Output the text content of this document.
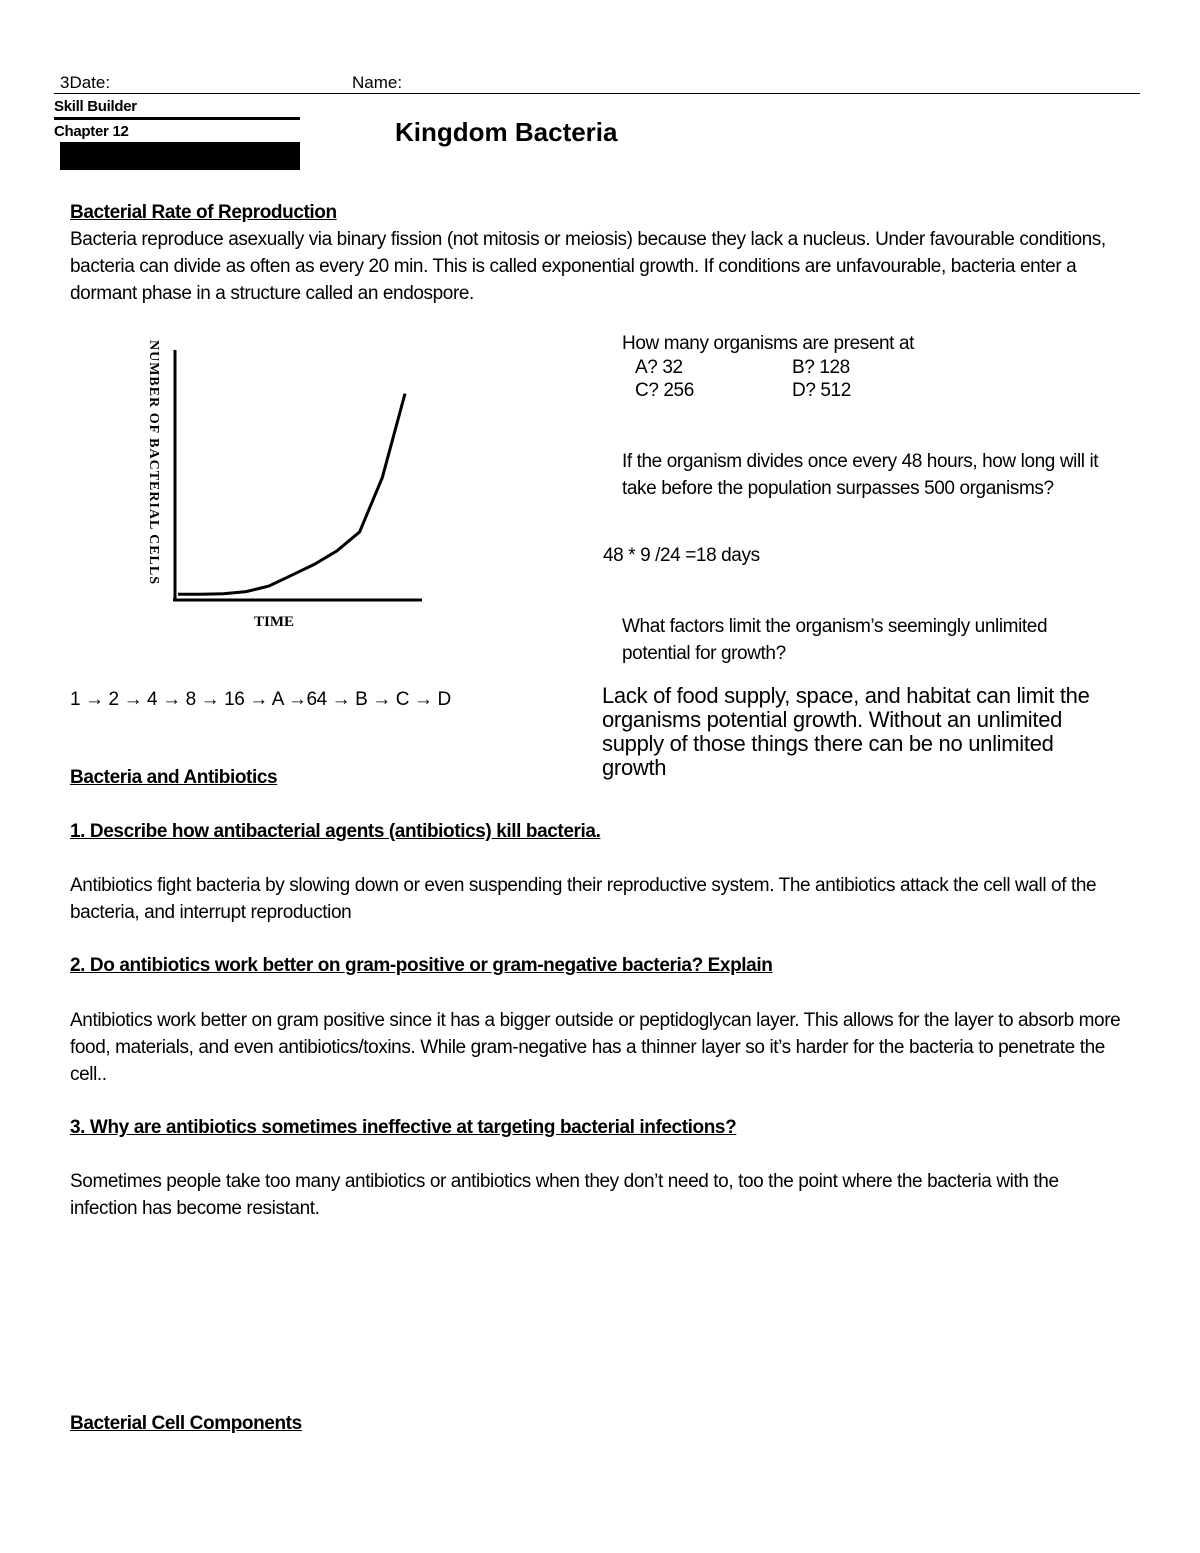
3Date:	Name:
Skill Builder
Chapter 12	Kingdom Bacteria
Bacterial Rate of Reproduction
Bacteria reproduce asexually via binary fission (not mitosis or meiosis) because they lack a nucleus. Under favourable conditions, bacteria can divide as often as every 20 min. This is called exponential growth. If conditions are unfavourable, bacteria enter a dormant phase in a structure called an endospore.
NUMBER OF BACTERIAL CELLS
TIME
How many organisms are present at
A? 32	B? 128
C? 256	D? 512
If the organism divides once every 48 hours, how long will it take before the population surpasses 500 organisms?
48 * 9 /24 =18 days
What factors limit the organism’s seemingly unlimited potential for growth?
Lack of food supply, space, and habitat can limit the organisms potential growth. Without an unlimited supply of those things there can be no unlimited growth
1 → 2 → 4 → 8 → 16 → A →64 → B → C → D
Bacteria and Antibiotics
1. Describe how antibacterial agents (antibiotics) kill bacteria.
Antibiotics fight bacteria by slowing down or even suspending their reproductive system. The antibiotics attack the cell wall of the bacteria, and interrupt reproduction
2. Do antibiotics work better on gram-positive or gram-negative bacteria? Explain
Antibiotics work better on gram positive since it has a bigger outside or peptidoglycan layer. This allows for the layer to absorb more food, materials, and even antibiotics/toxins. While gram-negative has a thinner layer so it’s harder for the bacteria to penetrate the cell..
3. Why are antibiotics sometimes ineffective at targeting bacterial infections?
Sometimes people take too many antibiotics or antibiotics when they don’t need to, too the point where the bacteria with the infection has become resistant.
Bacterial Cell Components
